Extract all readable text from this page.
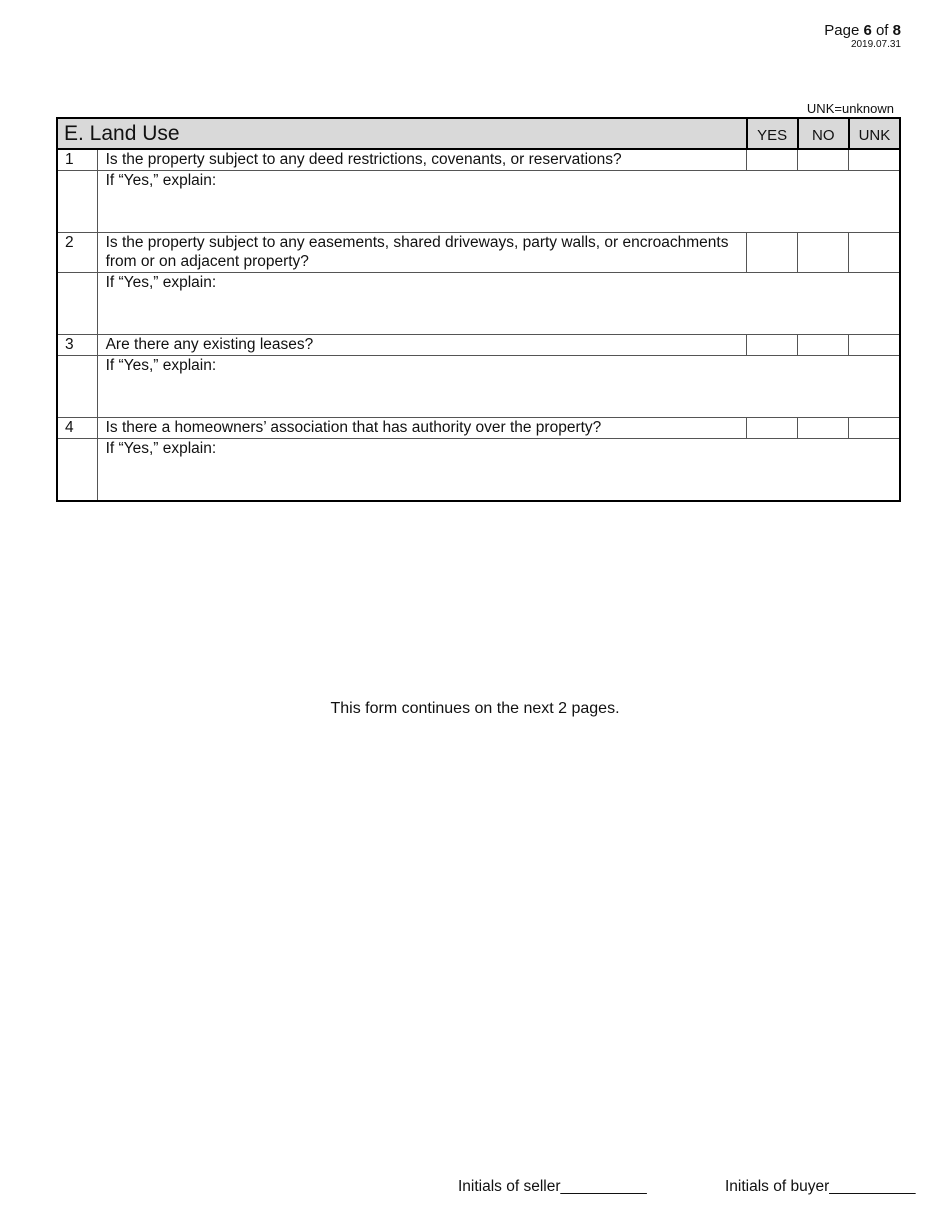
Page 6 of 8
2019.07.31
UNK=unknown
E. Land Use		YES	NO	UNK
1	Is the property subject to any deed restrictions, covenants, or reservations?			
	If “Yes,” explain:			
2	Is the property subject to any easements, shared driveways, party walls, or encroachments from or on adjacent property?			
	If “Yes,” explain:			
3	Are there any existing leases?			
	If “Yes,” explain:			
4	Is there a homeowners’ association that has authority over the property?			
	If “Yes,” explain:			
This form continues on the next 2 pages.
Initials of seller__________	Initials of buyer__________
